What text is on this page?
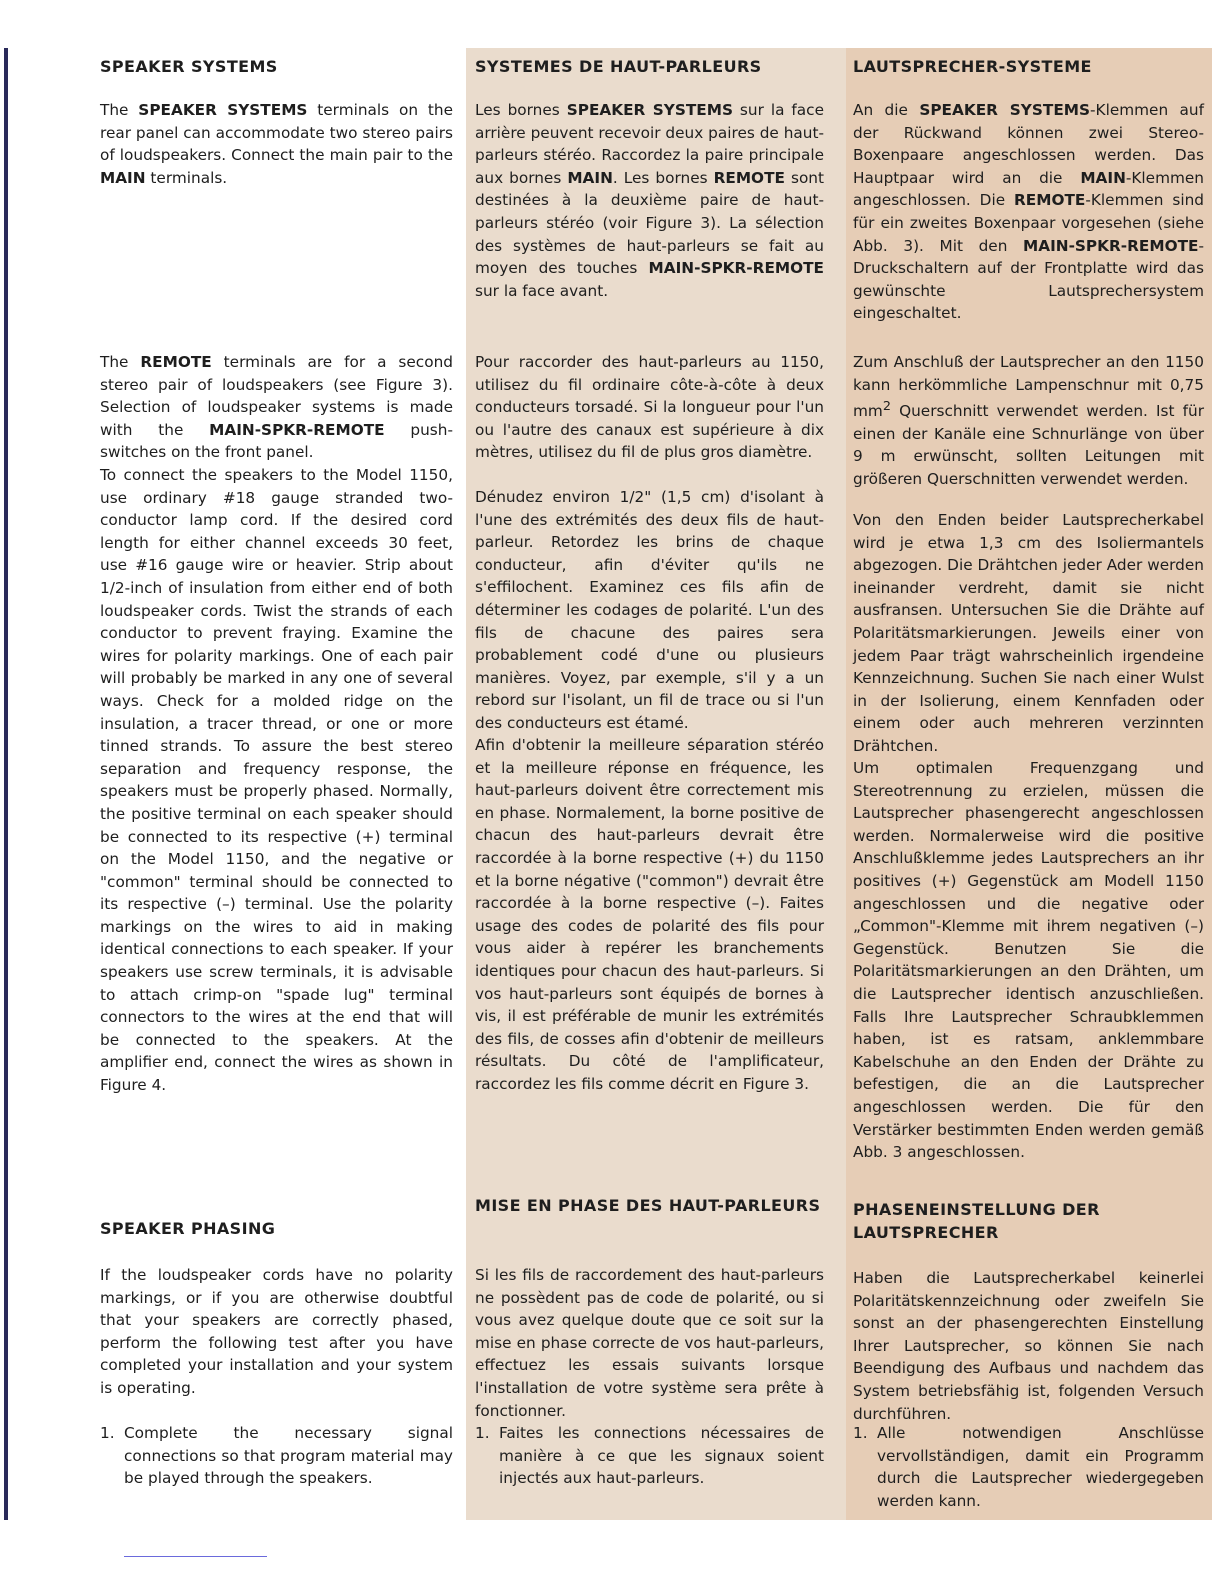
SPEAKER SYSTEMS

The SPEAKER SYSTEMS terminals on the rear panel can accommodate two stereo pairs of loudspeakers. Connect the main pair to the MAIN terminals.

The REMOTE terminals are for a second stereo pair of loudspeakers (see Figure 3). Selection of loudspeaker systems is made with the MAIN-SPKR-REMOTE push-switches on the front panel.

To connect the speakers to the Model 1150, use ordinary #18 gauge stranded two-conductor lamp cord. If the desired cord length for either channel exceeds 30 feet, use #16 gauge wire or heavier. Strip about 1/2-inch of insulation from either end of both loudspeaker cords. Twist the strands of each conductor to prevent fraying. Examine the wires for polarity markings. One of each pair will probably be marked in any one of several ways. Check for a molded ridge on the insulation, a tracer thread, or one or more tinned strands. To assure the best stereo separation and frequency response, the speakers must be properly phased. Normally, the positive terminal on each speaker should be connected to its respective (+) terminal on the Model 1150, and the negative or "common" terminal should be connected to its respective (–) terminal. Use the polarity markings on the wires to aid in making identical connections to each speaker. If your speakers use screw terminals, it is advisable to attach crimp-on "spade lug" terminal connectors to the wires at the end that will be connected to the speakers. At the amplifier end, connect the wires as shown in Figure 4.

SPEAKER PHASING

If the loudspeaker cords have no polarity markings, or if you are otherwise doubtful that your speakers are correctly phased, perform the following test after you have completed your installation and your system is operating.

1. Complete the necessary signal connections so that program material may be played through the speakers.
SYSTEMES DE HAUT-PARLEURS

Les bornes SPEAKER SYSTEMS sur la face arrière peuvent recevoir deux paires de haut-parleurs stéréo. Raccordez la paire principale aux bornes MAIN. Les bornes REMOTE sont destinées à la deuxième paire de haut-parleurs stéréo (voir Figure 3). La sélection des systèmes de haut-parleurs se fait au moyen des touches MAIN-SPKR-REMOTE sur la face avant.

Pour raccorder des haut-parleurs au 1150, utilisez du fil ordinaire côte-à-côte à deux conducteurs torsadé. Si la longueur pour l'un ou l'autre des canaux est supérieure à dix mètres, utilisez du fil de plus gros diamètre.

Dénudez environ 1/2" (1,5 cm) d'isolant à l'une des extrémités des deux fils de haut-parleur. Retordez les brins de chaque conducteur, afin d'éviter qu'ils ne s'effilochent. Examinez ces fils afin de déterminer les codages de polarité. L'un des fils de chacune des paires sera probablement codé d'une ou plusieurs manières. Voyez, par exemple, s'il y a un rebord sur l'isolant, un fil de trace ou si l'un des conducteurs est étamé.

Afin d'obtenir la meilleure séparation stéréo et la meilleure réponse en fréquence, les haut-parleurs doivent être correctement mis en phase. Normalement, la borne positive de chacun des haut-parleurs devrait être raccordée à la borne respective (+) du 1150 et la borne négative ("common") devrait être raccordée à la borne respective (–). Faites usage des codes de polarité des fils pour vous aider à repérer les branchements identiques pour chacun des haut-parleurs. Si vos haut-parleurs sont équipés de bornes à vis, il est préférable de munir les extrémités des fils, de cosses afin d'obtenir de meilleurs résultats. Du côté de l'amplificateur, raccordez les fils comme décrit en Figure 3.

MISE EN PHASE DES HAUT-PARLEURS

Si les fils de raccordement des haut-parleurs ne possèdent pas de code de polarité, ou si vous avez quelque doute que ce soit sur la mise en phase correcte de vos haut-parleurs, effectuez les essais suivants lorsque l'installation de votre système sera prête à fonctionner.

1. Faites les connections nécessaires de manière à ce que les signaux soient injectés aux haut-parleurs.
LAUTSPRECHER-SYSTEME

An die SPEAKER SYSTEMS-Klemmen auf der Rückwand können zwei Stereo-Boxenpaare angeschlossen werden. Das Hauptpaar wird an die MAIN-Klemmen angeschlossen. Die REMOTE-Klemmen sind für ein zweites Boxenpaar vorgesehen (siehe Abb. 3). Mit den MAIN-SPKR-REMOTE- Druckschaltern auf der Frontplatte wird das gewünschte Lautsprechersystem eingeschaltet.

Zum Anschluß der Lautsprecher an den 1150 kann herkömmliche Lampenschnur mit 0,75 $mm^2$ Querschnitt verwendet werden. Ist für einen der Kanäle eine Schnurlänge von über 9 m erwünscht, sollten Leitungen mit größeren Querschnitten verwendet werden.

Von den Enden beider Lautsprecherkabel wird je etwa 1,3 cm des Isoliermantels abgezogen. Die Drähtchen jeder Ader werden ineinander verdreht, damit sie nicht ausfransen. Untersuchen Sie die Drähte auf Polaritätsmarkierungen. Jeweils einer von jedem Paar trägt wahrscheinlich irgendeine Kennzeichnung. Suchen Sie nach einer Wulst in der Isolierung, einem Kennfaden oder einem oder auch mehreren verzinnten Drähtchen.

Um optimalen Frequenzgang und Stereotrennung zu erzielen, müssen die Lautsprecher phasengerecht angeschlossen werden. Normalerweise wird die positive Anschlußklemme jedes Lautsprechers an ihr positives (+) Gegenstück am Modell 1150 angeschlossen und die negative oder „Common"-Klemme mit ihrem negativen (–) Gegenstück. Benutzen Sie die Polaritätsmarkierungen an den Drähten, um die Lautsprecher identisch anzuschließen. Falls Ihre Lautsprecher Schraubklemmen haben, ist es ratsam, anklemmbare Kabelschuhe an den Enden der Drähte zu befestigen, die an die Lautsprecher angeschlossen werden. Die für den Verstärker bestimmten Enden werden gemäß Abb. 3 angeschlossen.

PHASENEINSTELLUNG DER LAUTSPRECHER

Haben die Lautsprecherkabel keinerlei Polaritätskennzeichnung oder zweifeln Sie sonst an der phasengerechten Einstellung Ihrer Lautsprecher, so können Sie nach Beendigung des Aufbaus und nachdem das System betriebsfähig ist, folgenden Versuch durchführen.

1. Alle notwendigen Anschlüsse vervollständigen, damit ein Programm durch die Lautsprecher wiedergegeben werden kann.
